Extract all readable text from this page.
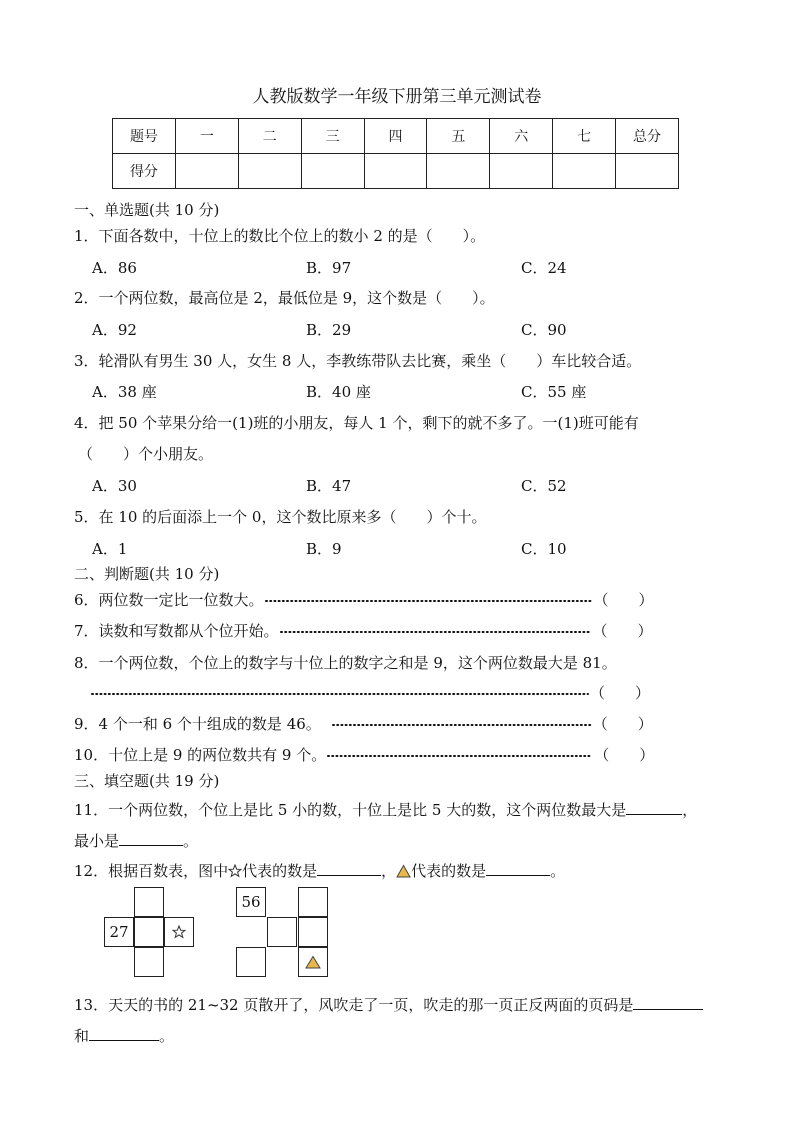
人教版数学一年级下册第三单元测试卷
题号	一	二	三	四	五	六	七	总分
得分								
一、单选题(共 10 分)
1．下面各数中，十位上的数比个位上的数小 2 的是（　　）。
A．86	B．97	C．24
2．一个两位数，最高位是 2，最低位是 9，这个数是（　　）。
A．92	B．29	C．90
3．轮滑队有男生 30 人，女生 8 人，李教练带队去比赛，乘坐（　　）车比较合适。
A．38 座	B．40 座	C．55 座
4．把 50 个苹果分给一(1)班的小朋友，每人 1 个，剩下的就不多了。一(1)班可能有
（　　）个小朋友。
A．30	B．47	C．52
5．在 10 的后面添上一个 0，这个数比原来多（　　）个十。
A．1	B．9	C．10
二、判断题(共 10 分)
6．两位数一定比一位数大。	（　　）
7．读数和写数都从个位开始。	（　　）
8．一个两位数，个位上的数字与十位上的数字之和是 9，这个两位数最大是 81。
（　　）
9．4 个一和 6 个十组成的数是 46。	（　　）
10．十位上是 9 的两位数共有 9 个。	（　　）
三、填空题(共 19 分)
11．一个两位数，个位上是比 5 小的数，十位上是比 5 大的数，这个两位数最大是	，
最小是	。
12．根据百数表，图中 代表的数是	， 代表的数是	。
27
56
13．天天的书的 21~32 页散开了，风吹走了一页，吹走的那一页正反两面的页码是
和	。
